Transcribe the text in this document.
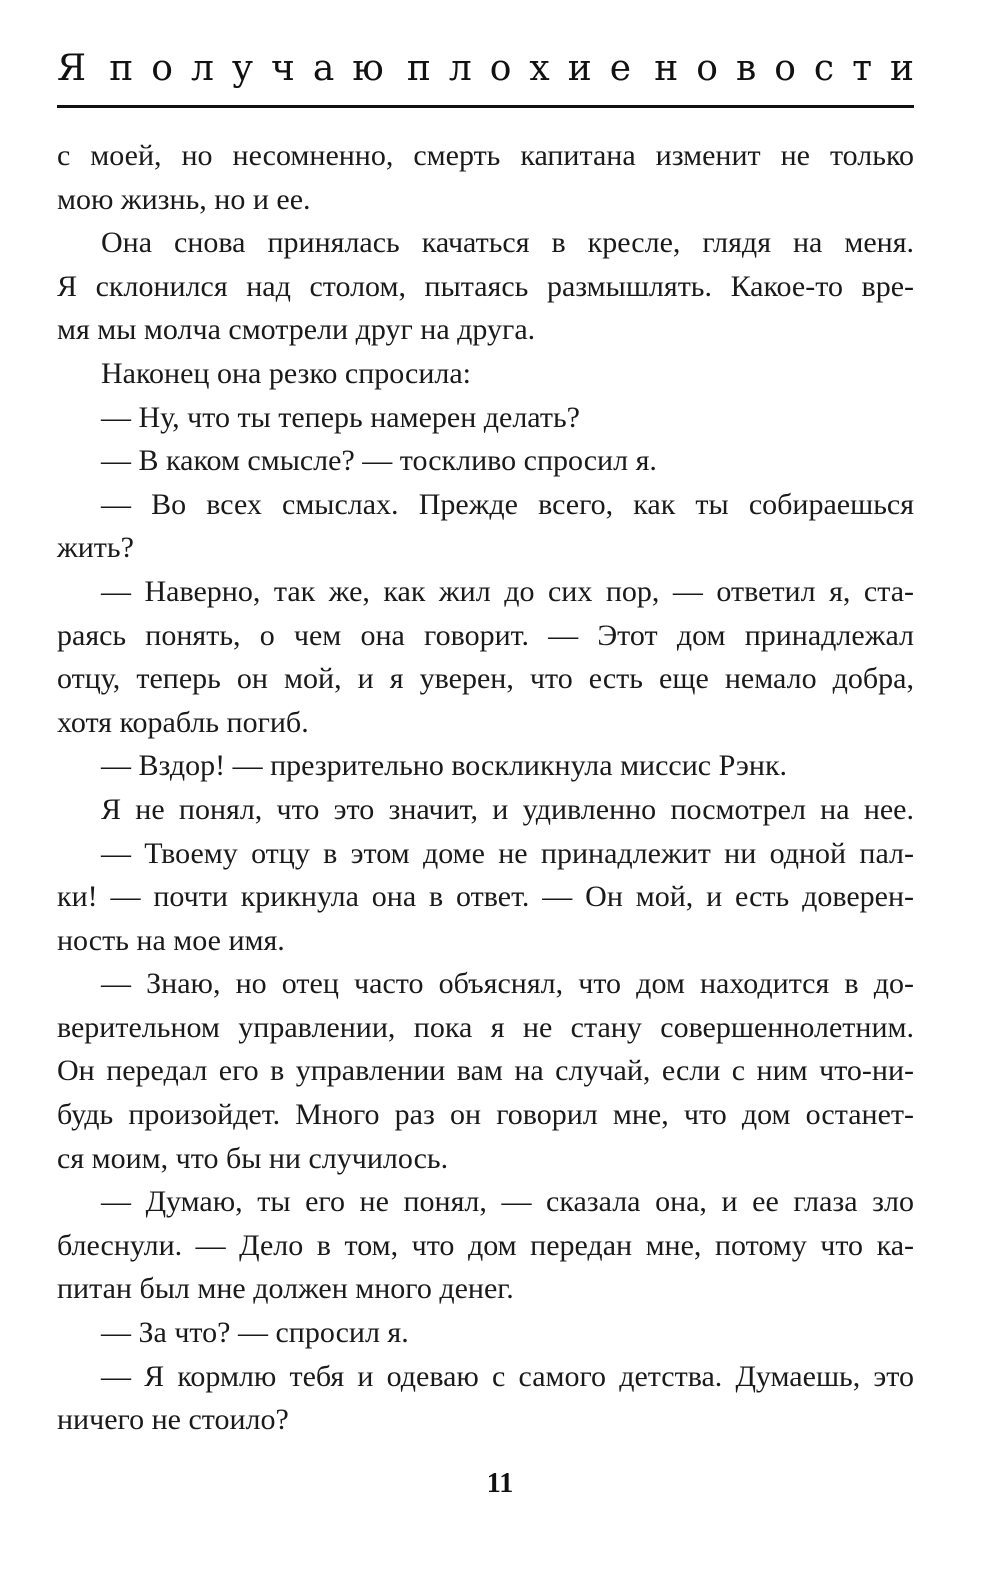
Я п о л у ч а ю п л о х и е н о в о с т и
с моей, но несомненно, смерть капитана изменит не только
мою жизнь, но и ее.
Она снова принялась качаться в кресле, глядя на меня.
Я склонился над столом, пытаясь размышлять. Какое-то вре-
мя мы молча смотрели друг на друга.
Наконец она резко спросила:
— Ну, что ты теперь намерен делать?
— В каком смысле? — тоскливо спросил я.
— Во всех смыслах. Прежде всего, как ты собираешься
жить?
— Наверно, так же, как жил до сих пор, — ответил я, ста-
раясь понять, о чем она говорит. — Этот дом принадлежал
отцу, теперь он мой, и я уверен, что есть еще немало добра,
хотя корабль погиб.
— Вздор! — презрительно воскликнула миссис Рэнк.
Я не понял, что это значит, и удивленно посмотрел на нее.
— Твоему отцу в этом доме не принадлежит ни одной пал-
ки! — почти крикнула она в ответ. — Он мой, и есть доверен-
ность на мое имя.
— Знаю, но отец часто объяснял, что дом находится в до-
верительном управлении, пока я не стану совершеннолетним.
Он передал его в управлении вам на случай, если с ним что-ни-
будь произойдет. Много раз он говорил мне, что дом останет-
ся моим, что бы ни случилось.
— Думаю, ты его не понял, — сказала она, и ее глаза зло
блеснули. — Дело в том, что дом передан мне, потому что ка-
питан был мне должен много денег.
— За что? — спросил я.
— Я кормлю тебя и одеваю с самого детства. Думаешь, это
ничего не стоило?
11
